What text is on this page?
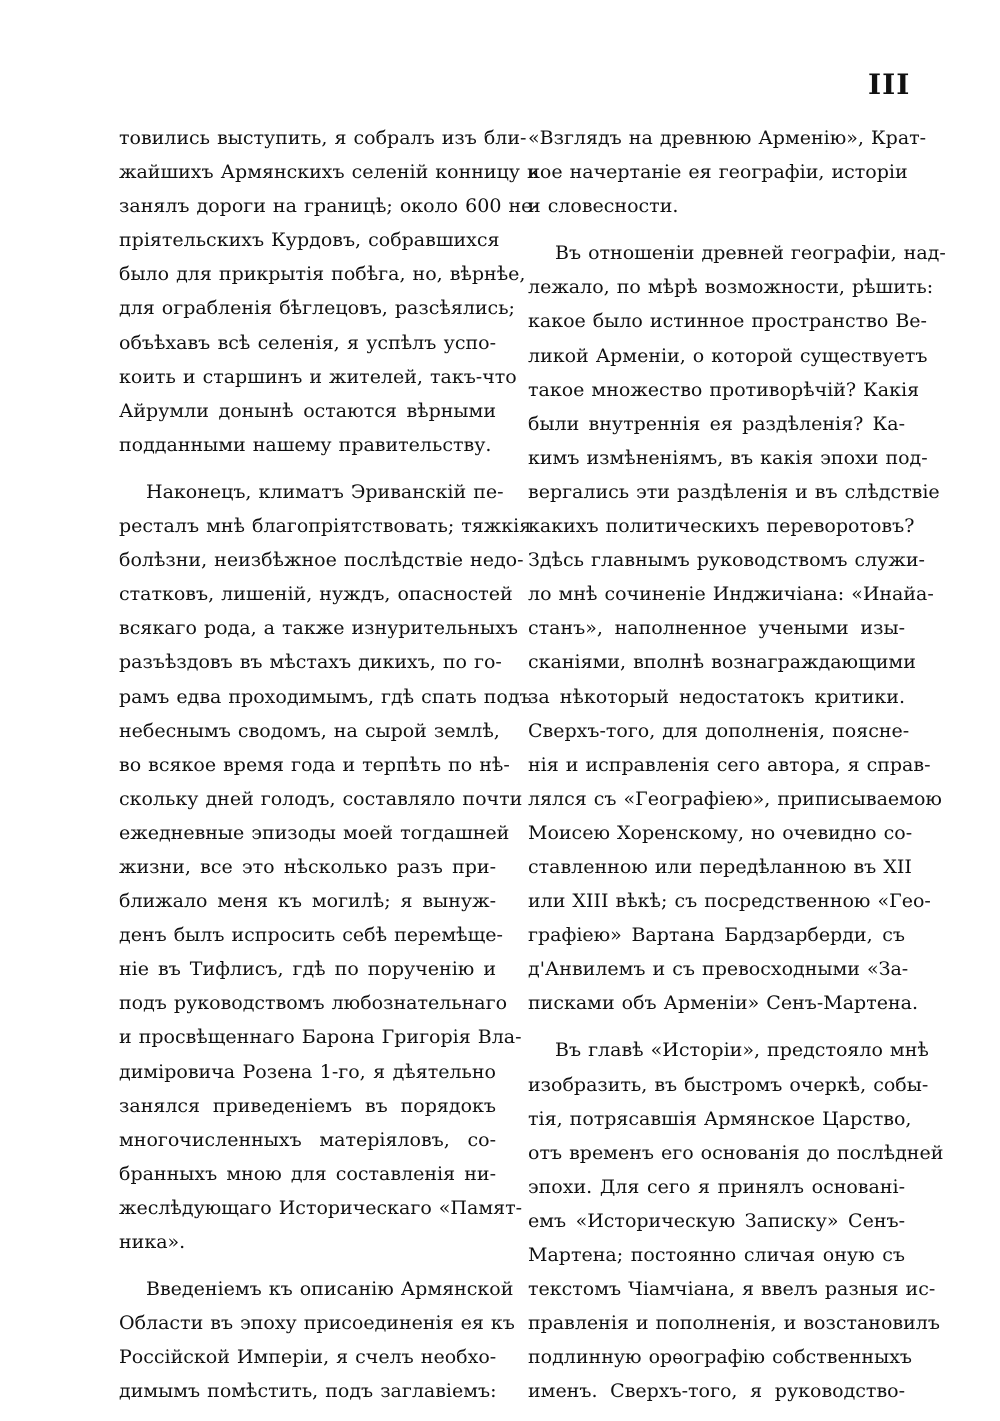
III

товились выступить, я собралъ изъ бли-
жайшихъ Армянскихъ селеній конницу и
занялъ дороги на границѣ; около 600 не-
пріятельскихъ Курдовъ, собравшихся
было для прикрытія побѣга, но, вѣрнѣе,
для ограбленія бѣглецовъ, разсѣялись;
объѣхавъ всѣ селенія, я успѣлъ успо-
коить и старшинъ и жителей, такъ-что
Айрумли донынѣ остаются вѣрными
подданными нашему правительству.

Наконецъ, климатъ Эриванскій пе-
ресталъ мнѣ благопріятствовать; тяжкія
болѣзни, неизбѣжное послѣдствіе недо-
статковъ, лишеній, нуждъ, опасностей
всякаго рода, а также изнурительныхъ
разъѣздовъ въ мѣстахъ дикихъ, по го-
рамъ едва проходимымъ, гдѣ спать подъ
небеснымъ сводомъ, на сырой землѣ,
во всякое время года и терпѣть по нѣ-
скольку дней голодъ, составляло почти
ежедневные эпизоды моей тогдашней
жизни, все это нѣсколько разъ при-
ближало меня къ могилѣ; я вынуж-
денъ былъ испросить себѣ перемѣще-
ніе въ Тифлисъ, гдѣ по порученію и
подъ руководствомъ любознательнаго
и просвѣщеннаго Барона Григорія Вла-
диміровича Розена 1-го, я дѣятельно
занялся приведеніемъ въ порядокъ
многочисленныхъ матеріяловъ, со-
бранныхъ мною для составленія ни-
жеслѣдующаго Историческаго «Памят-
ника».

Введеніемъ къ описанію Армянской
Области въ эпоху присоединенія ея къ
Россійской Имперіи, я счелъ необхо-
димымъ помѣстить, подъ заглавіемъ:

«Взглядъ на древнюю Арменію», Крат-
кое начертаніе ея географіи, исторіи
и словесности.

Въ отношеніи древней географіи, над-
лежало, по мѣрѣ возможности, рѣшить:
какое было истинное пространство Ве-
ликой Арменіи, о которой существуетъ
такое множество противорѣчій? Какія
были внутреннія ея раздѣленія? Ка-
кимъ измѣненіямъ, въ какія эпохи под-
вергались эти раздѣленія и въ слѣдствіе
какихъ политическихъ переворотовъ?
Здѣсь главнымъ руководствомъ служи-
ло мнѣ сочиненіе Инджичіана: «Инайа-
станъ», наполненное учеными изы-
сканіями, вполнѣ вознаграждающими
за нѣкоторый недостатокъ критики.
Сверхъ-того, для дополненія, поясне-
нія и исправленія сего автора, я справ-
лялся съ «Географіею», приписываемою
Моисею Хоренскому, но очевидно со-
ставленною или передѣланною въ XII
или XIII вѣкѣ; съ посредственною «Гео-
графіею» Вартана Бардзарберди, съ
д'Анвилемъ и съ превосходными «За-
писками объ Арменіи» Сенъ-Мартена.

Въ главѣ «Исторіи», предстояло мнѣ
изобразить, въ быстромъ очеркѣ, собы-
тія, потрясавшія Армянское Царство,
отъ временъ его основанія до послѣдней
эпохи. Для сего я принялъ основані-
емъ «Историческую Записку» Сенъ-
Мартена; постоянно сличая оную съ
текстомъ Чіамчіана, я ввелъ разныя ис-
правленія и пополненія, и возстановилъ
подлинную орѳографію собственныхъ
именъ. Сверхъ-того, я руководство-
